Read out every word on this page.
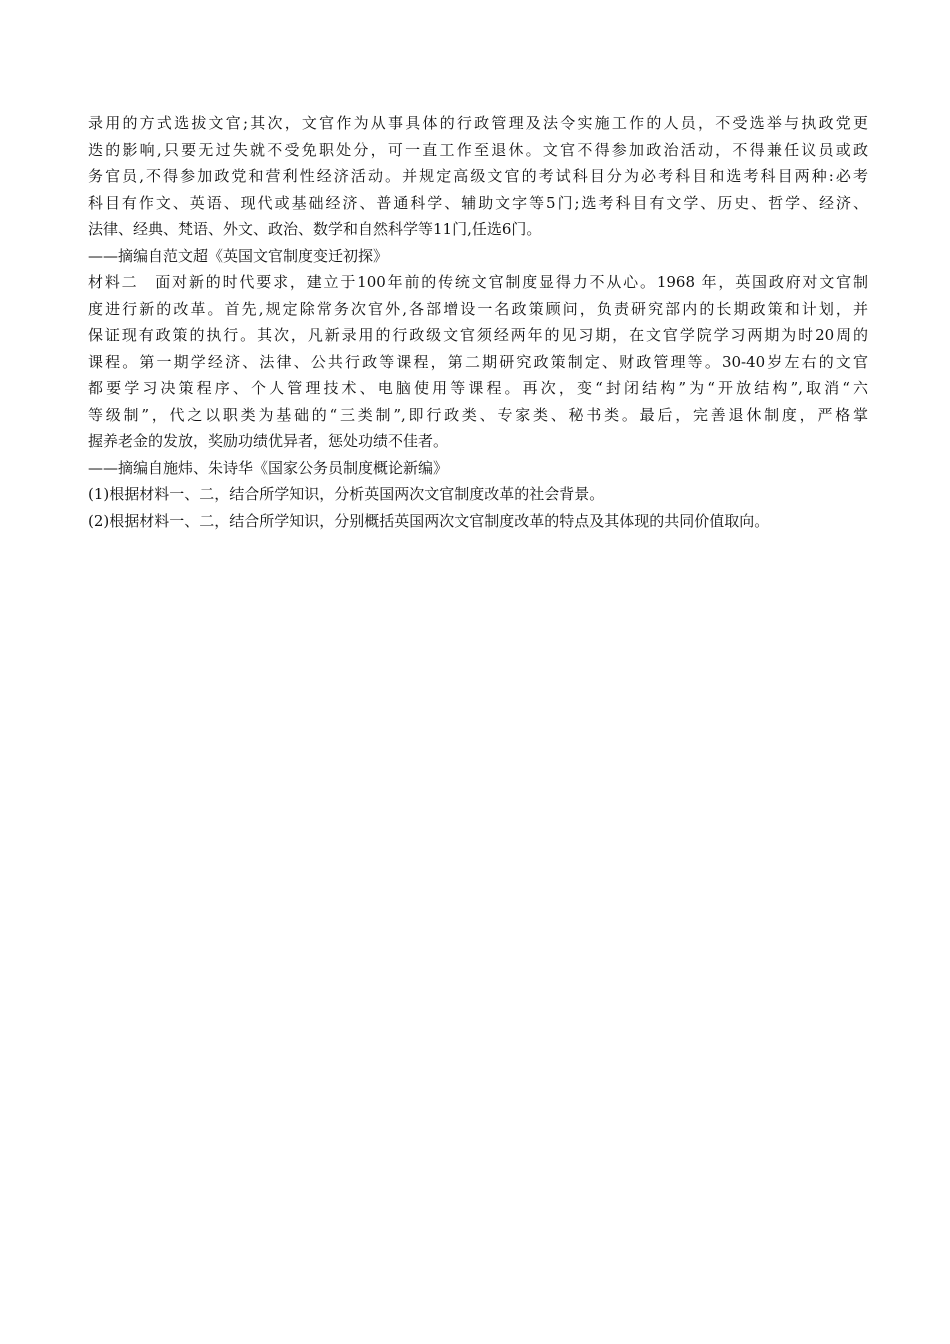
录用的方式选拔文官;其次，文官作为从事具体的行政管理及法令实施工作的人员，不受选举与执政党更
迭的影响,只要无过失就不受免职处分，可一直工作至退休。文官不得参加政治活动，不得兼任议员或政
务官员,不得参加政党和营利性经济活动。并规定高级文官的考试科目分为必考科目和选考科目两种:必考
科目有作文、英语、现代或基础经济、普通科学、辅助文字等5门;选考科目有文学、历史、哲学、经济、
法律、经典、梵语、外文、政治、数学和自然科学等11门,任选6门。
——摘编自范文超《英国文官制度变迁初探》
材料二　面对新的时代要求，建立于100年前的传统文官制度显得力不从心。1968 年，英国政府对文官制
度进行新的改革。首先,规定除常务次官外,各部增设一名政策顾问，负责研究部内的长期政策和计划，并
保证现有政策的执行。其次，凡新录用的行政级文官须经两年的见习期，在文官学院学习两期为时20周的
课程。第一期学经济、法律、公共行政等课程，第二期研究政策制定、财政管理等。30-40岁左右的文官
都要学习决策程序、个人管理技术、电脑使用等课程。再次，变“封闭结构”为“开放结构”,取消“六
等级制”，代之以职类为基础的“三类制”,即行政类、专家类、秘书类。最后，完善退休制度，严格掌
握养老金的发放，奖励功绩优异者，惩处功绩不佳者。
——摘编自施炜、朱诗华《国家公务员制度概论新编》
(1)根据材料一、二，结合所学知识，分析英国两次文官制度改革的社会背景。
(2)根据材料一、二，结合所学知识，分别概括英国两次文官制度改革的特点及其体现的共同价值取向。
